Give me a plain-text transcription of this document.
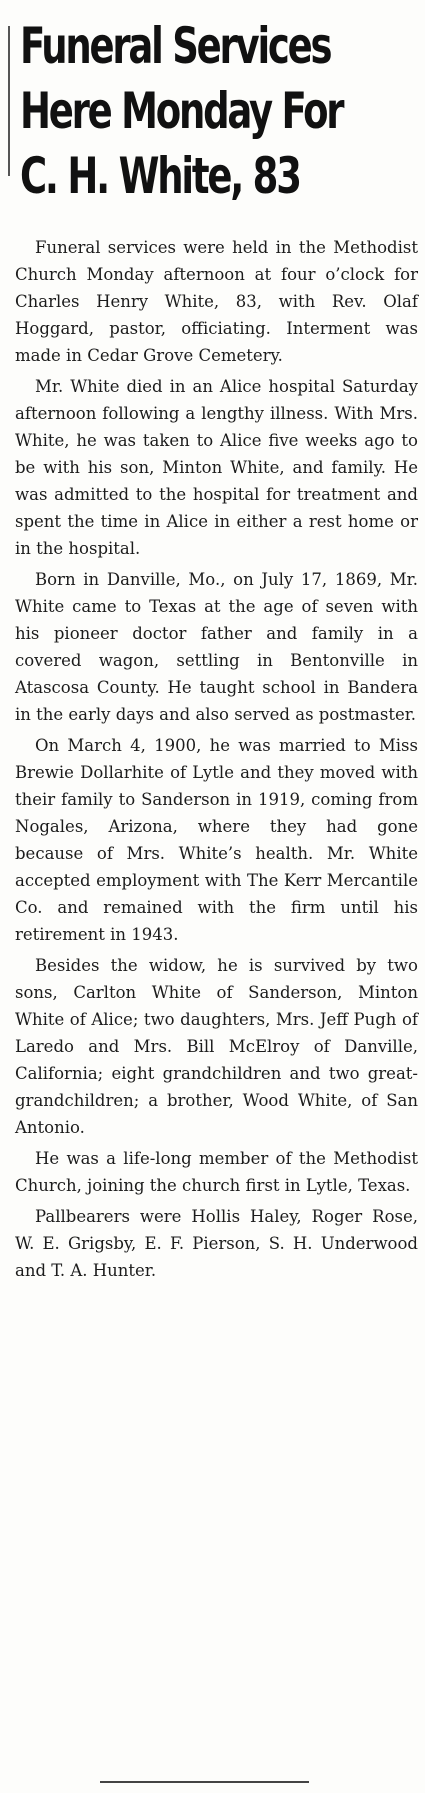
Funeral Services
Here Monday For
C. H. White, 83

Funeral services were held in the Methodist Church Monday afternoon at four o’clock for Charles Henry White, 83, with Rev. Olaf Hoggard, pastor, officiating. Interment was made in Cedar Grove Cemetery.

Mr. White died in an Alice hospital Saturday afternoon following a lengthy illness. With Mrs. White, he was taken to Alice five weeks ago to be with his son, Minton White, and family. He was admitted to the hospital for treatment and spent the time in Alice in either a rest home or in the hospital.

Born in Danville, Mo., on July 17, 1869, Mr. White came to Texas at the age of seven with his pioneer doctor father and family in a covered wagon, settling in Bentonville in Atascosa County. He taught school in Bandera in the early days and also served as postmaster.

On March 4, 1900, he was married to Miss Brewie Dollarhite of Lytle and they moved with their family to Sanderson in 1919, coming from Nogales, Arizona, where they had gone because of Mrs. White’s health. Mr. White accepted employment with The Kerr Mercantile Co. and remained with the firm until his retirement in 1943.

Besides the widow, he is survived by two sons, Carlton White of Sanderson, Minton White of Alice; two daughters, Mrs. Jeff Pugh of Laredo and Mrs. Bill McElroy of Danville, California; eight grandchildren and two great-grandchildren; a brother, Wood White, of San Antonio.

He was a life-long member of the Methodist Church, joining the church first in Lytle, Texas.

Pallbearers were Hollis Haley, Roger Rose, W. E. Grigsby, E. F. Pierson, S. H. Underwood and T. A. Hunter.
